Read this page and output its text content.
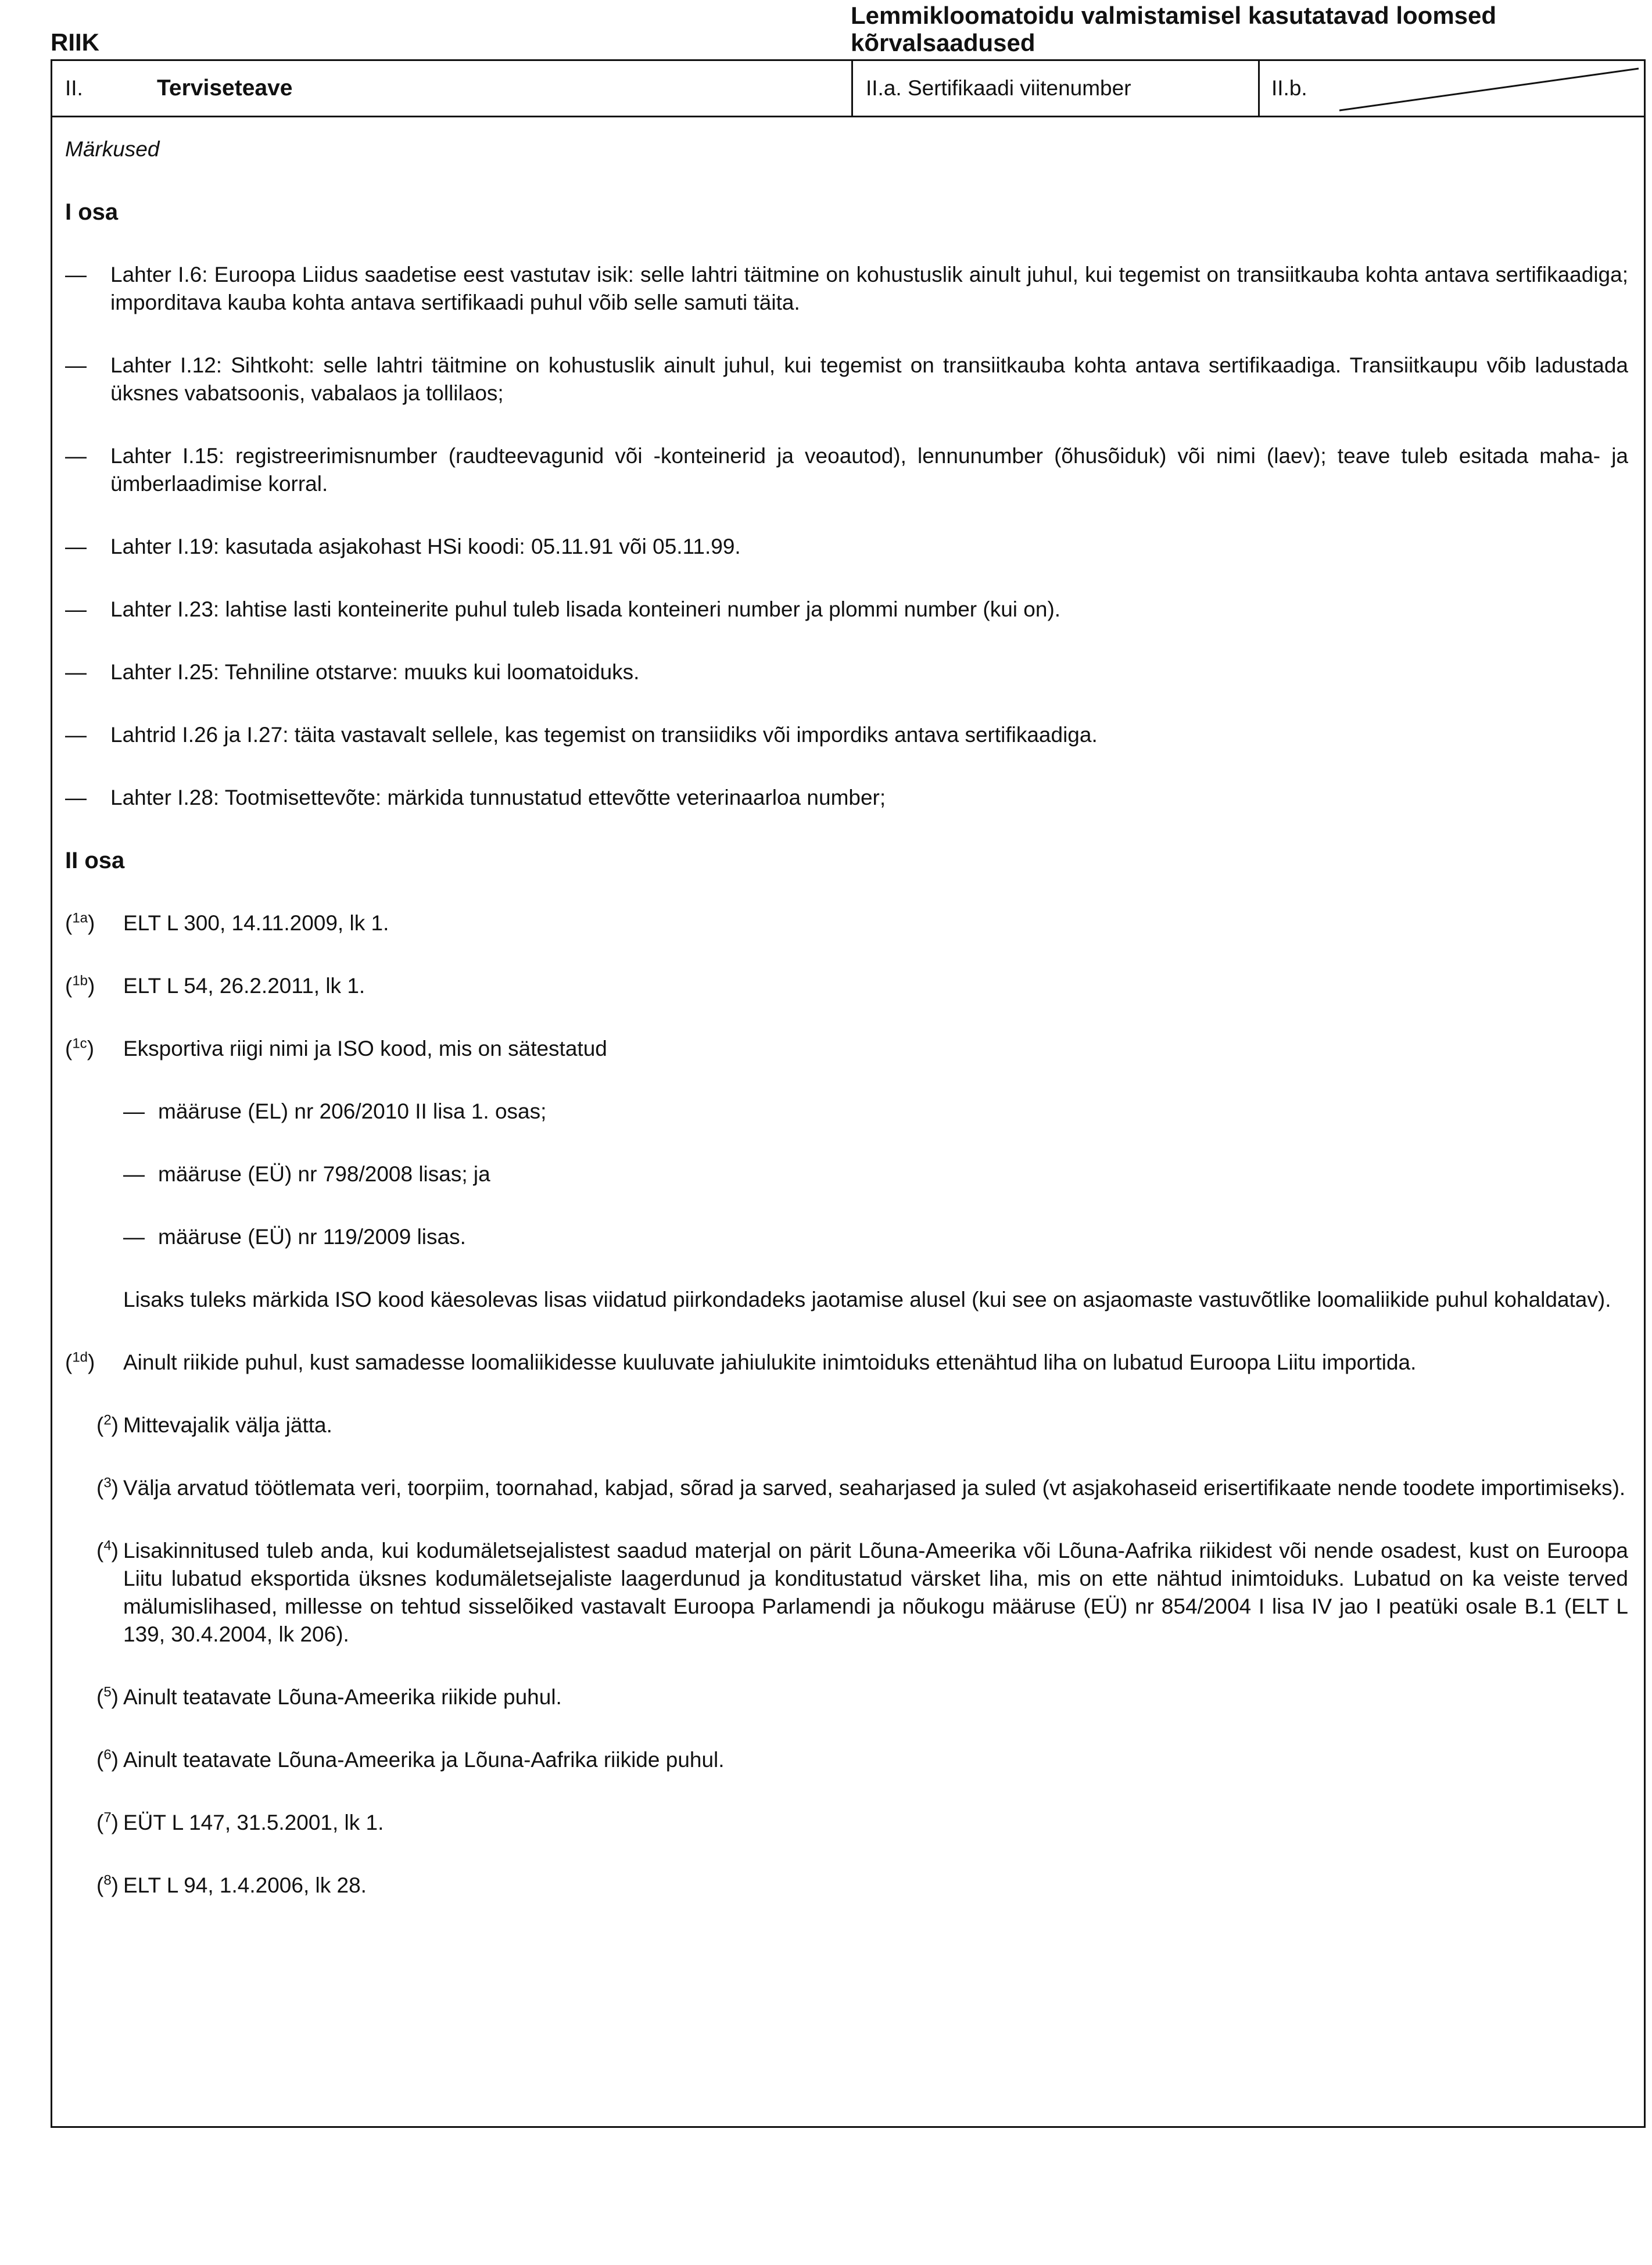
RIIK
Lemmikloomatoidu valmistamisel kasutatavad loomsed kõrvalsaadused
II.	Terviseteave	II.a. Sertifikaadi viitenumber	II.b.
Märkused
I osa
— Lahter I.6: Euroopa Liidus saadetise eest vastutav isik: selle lahtri täitmine on kohustuslik ainult juhul, kui tegemist on transiitkauba kohta antava sertifikaadiga; imporditava kauba kohta antava sertifikaadi puhul võib selle samuti täita.
— Lahter I.12: Sihtkoht: selle lahtri täitmine on kohustuslik ainult juhul, kui tegemist on transiitkauba kohta antava sertifikaadiga. Transiitkaupu võib ladustada üksnes vabatsoonis, vabalaos ja tollilaos;
— Lahter I.15: registreerimisnumber (raudteevagunid või -konteinerid ja veoautod), lennunumber (õhusõiduk) või nimi (laev); teave tuleb esitada maha- ja ümberlaadimise korral.
— Lahter I.19: kasutada asjakohast HSi koodi: 05.11.91 või 05.11.99.
— Lahter I.23: lahtise lasti konteinerite puhul tuleb lisada konteineri number ja plommi number (kui on).
— Lahter I.25: Tehniline otstarve: muuks kui loomatoiduks.
— Lahtrid I.26 ja I.27: täita vastavalt sellele, kas tegemist on transiidiks või impordiks antava sertifikaadiga.
— Lahter I.28: Tootmisettevõte: märkida tunnustatud ettevõtte veterinaarloa number;
II osa
($^{1a}$)	ELT L 300, 14.11.2009, lk 1.
($^{1b}$)	ELT L 54, 26.2.2011, lk 1.
($^{1c}$)	Eksportiva riigi nimi ja ISO kood, mis on sätestatud
— määruse (EL) nr 206/2010 II lisa 1. osas;
— määruse (EÜ) nr 798/2008 lisas; ja
— määruse (EÜ) nr 119/2009 lisas.
Lisaks tuleks märkida ISO kood käesolevas lisas viidatud piirkondadeks jaotamise alusel (kui see on asjaomaste vastuvõtlike loomaliikide puhul kohaldatav).
($^{1d}$)	Ainult riikide puhul, kust samadesse loomaliikidesse kuuluvate jahiulukite inimtoiduks ettenähtud liha on lubatud Euroopa Liitu importida.
($^2$) Mittevajalik välja jätta.
($^3$) Välja arvatud töötlemata veri, toorpiim, toornahad, kabjad, sõrad ja sarved, seaharjased ja suled (vt asjakohaseid erisertifikaate nende toodete importimiseks).
($^4$) Lisakinnitused tuleb anda, kui kodumäletsejalistest saadud materjal on pärit Lõuna-Ameerika või Lõuna-Aafrika riikidest või nende osadest, kust on Euroopa Liitu lubatud eksportida üksnes kodumäletsejaliste laagerdunud ja konditustatud värsket liha, mis on ette nähtud inimtoiduks. Lubatud on ka veiste terved mälumislihased, millesse on tehtud sisselõiked vastavalt Euroopa Parlamendi ja nõukogu määruse (EÜ) nr 854/2004 I lisa IV jao I peatüki osale B.1 (ELT L 139, 30.4.2004, lk 206).
($^5$) Ainult teatavate Lõuna-Ameerika riikide puhul.
($^6$) Ainult teatavate Lõuna-Ameerika ja Lõuna-Aafrika riikide puhul.
($^7$) EÜT L 147, 31.5.2001, lk 1.
($^8$) ELT L 94, 1.4.2006, lk 28.
